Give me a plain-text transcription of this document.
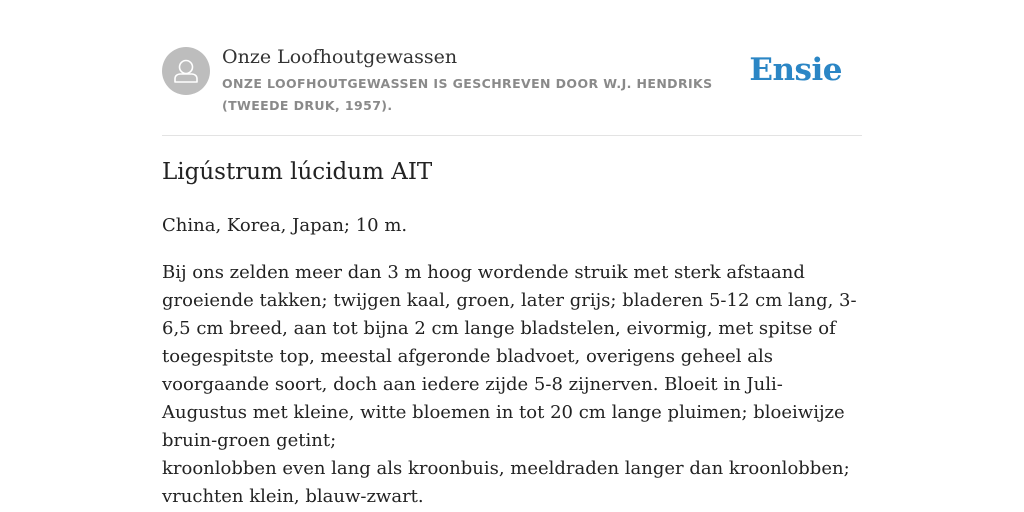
Onze Loofhoutgewassen
ONZE LOOFHOUTGEWASSEN IS GESCHREVEN DOOR W.J. HENDRIKS (TWEEDE DRUK, 1957).
Ensie
Ligústrum lúcidum AIT
China, Korea, Japan; 10 m.
Bij ons zelden meer dan 3 m hoog wordende struik met sterk afstaand groeiende takken; twijgen kaal, groen, later grijs; bladeren 5-12 cm lang, 3-6,5 cm breed, aan tot bijna 2 cm lange bladstelen, eivormig, met spitse of toegespitste top, meestal afgeronde bladvoet, overigens geheel als voorgaande soort, doch aan iedere zijde 5-8 zijnerven. Bloeit in Juli-Augustus met kleine, witte bloemen in tot 20 cm lange pluimen; bloeiwijze bruin-groen getint;
kroonlobben even lang als kroonbuis, meeldraden langer dan kroonlobben; vruchten klein, blauw-zwart.
